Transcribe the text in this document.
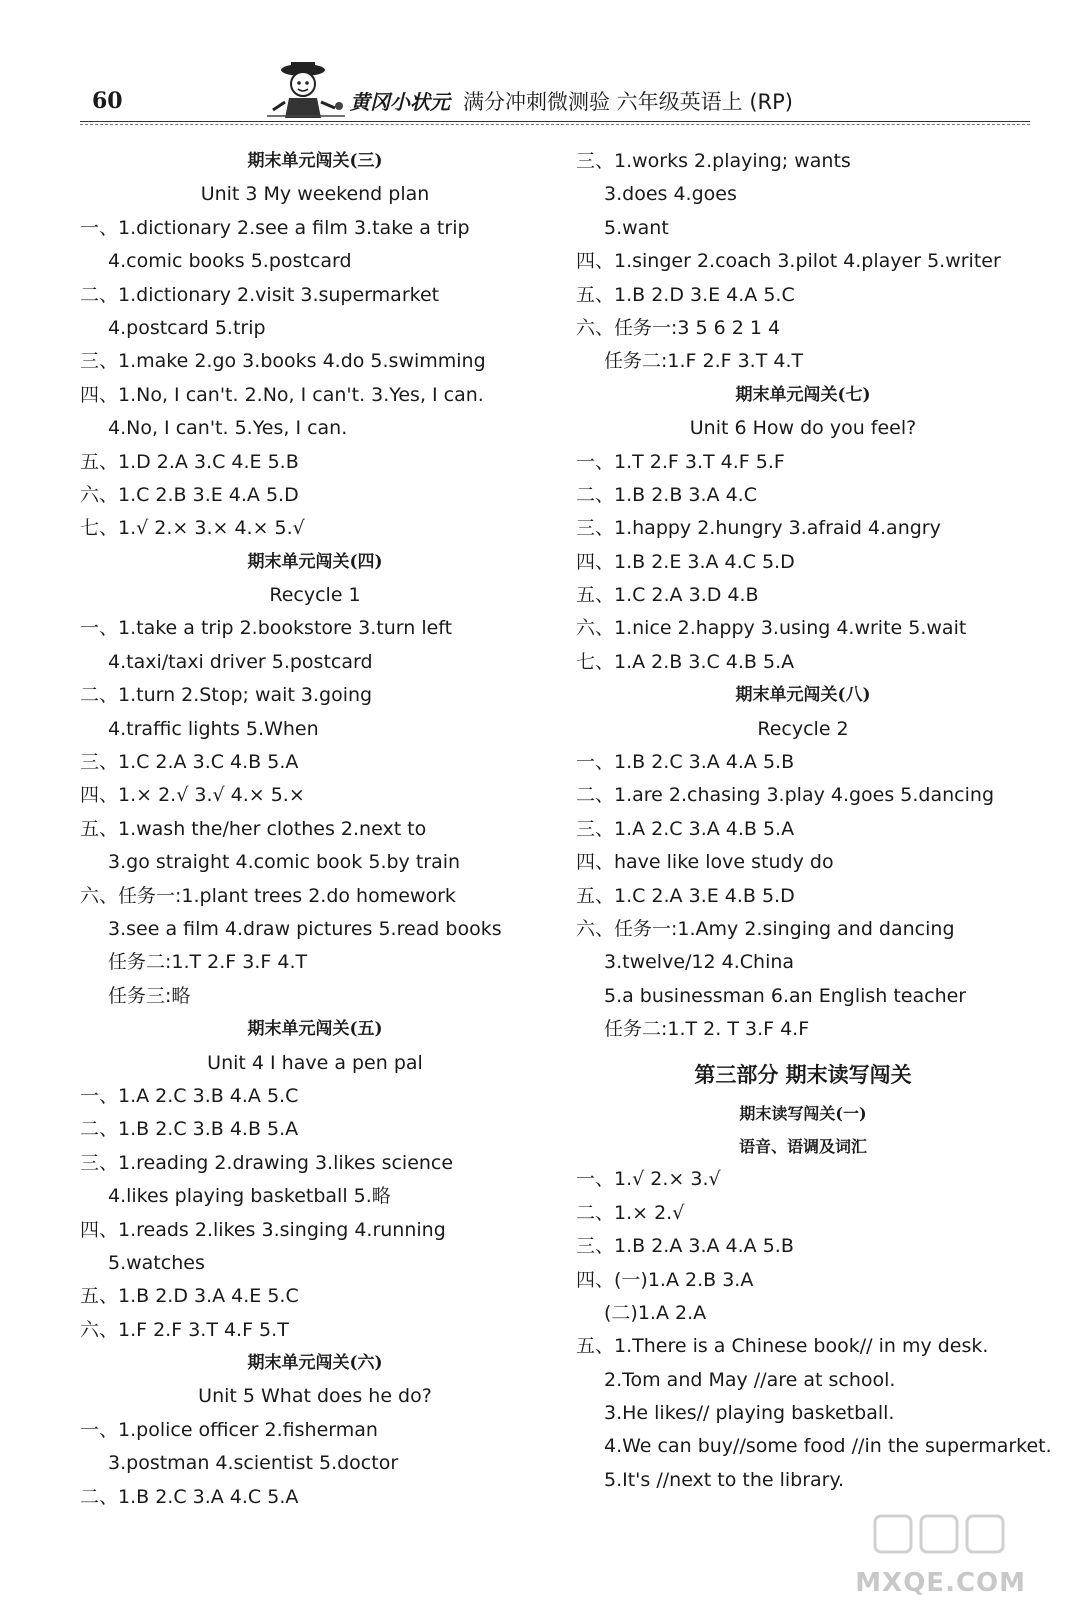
60	黄冈小状元 满分冲刺微测验 六年级英语上 (RP)
期末单元闯关(三)
Unit 3 My weekend plan
一、1.dictionary 2.see a film 3.take a trip
4.comic books 5.postcard
二、1.dictionary 2.visit 3.supermarket
4.postcard 5.trip
三、1.make 2.go 3.books 4.do 5.swimming
四、1.No, I can't. 2.No, I can't. 3.Yes, I can.
4.No, I can't. 5.Yes, I can.
五、1.D 2.A 3.C 4.E 5.B
六、1.C 2.B 3.E 4.A 5.D
七、1.√ 2.× 3.× 4.× 5.√
期末单元闯关(四)
Recycle 1
一、1.take a trip 2.bookstore 3.turn left
4.taxi/taxi driver 5.postcard
二、1.turn 2.Stop; wait 3.going
4.traffic lights 5.When
三、1.C 2.A 3.C 4.B 5.A
四、1.× 2.√ 3.√ 4.× 5.×
五、1.wash the/her clothes 2.next to
3.go straight 4.comic book 5.by train
六、任务一:1.plant trees 2.do homework
3.see a film 4.draw pictures 5.read books
任务二:1.T 2.F 3.F 4.T
任务三:略
期末单元闯关(五)
Unit 4 I have a pen pal
一、1.A 2.C 3.B 4.A 5.C
二、1.B 2.C 3.B 4.B 5.A
三、1.reading 2.drawing 3.likes science
4.likes playing basketball 5.略
四、1.reads 2.likes 3.singing 4.running
5.watches
五、1.B 2.D 3.A 4.E 5.C
六、1.F 2.F 3.T 4.F 5.T
期末单元闯关(六)
Unit 5 What does he do?
一、1.police officer 2.fisherman
3.postman 4.scientist 5.doctor
二、1.B 2.C 3.A 4.C 5.A
三、1.works 2.playing; wants
3.does 4.goes
5.want
四、1.singer 2.coach 3.pilot 4.player 5.writer
五、1.B 2.D 3.E 4.A 5.C
六、任务一:3 5 6 2 1 4
任务二:1.F 2.F 3.T 4.T
期末单元闯关(七)
Unit 6 How do you feel?
一、1.T 2.F 3.T 4.F 5.F
二、1.B 2.B 3.A 4.C
三、1.happy 2.hungry 3.afraid 4.angry
四、1.B 2.E 3.A 4.C 5.D
五、1.C 2.A 3.D 4.B
六、1.nice 2.happy 3.using 4.write 5.wait
七、1.A 2.B 3.C 4.B 5.A
期末单元闯关(八)
Recycle 2
一、1.B 2.C 3.A 4.A 5.B
二、1.are 2.chasing 3.play 4.goes 5.dancing
三、1.A 2.C 3.A 4.B 5.A
四、have like love study do
五、1.C 2.A 3.E 4.B 5.D
六、任务一:1.Amy 2.singing and dancing
3.twelve/12 4.China
5.a businessman 6.an English teacher
任务二:1.T 2. T 3.F 4.F
第三部分 期末读写闯关
期末读写闯关(一)
语音、语调及词汇
一、1.√ 2.× 3.√
二、1.× 2.√
三、1.B 2.A 3.A 4.A 5.B
四、(一)1.A 2.B 3.A
(二)1.A 2.A
五、1.There is a Chinese book// in my desk.
2.Tom and May //are at school.
3.He likes// playing basketball.
4.We can buy//some food //in the supermarket.
5.It's //next to the library.
MXQE.COM
